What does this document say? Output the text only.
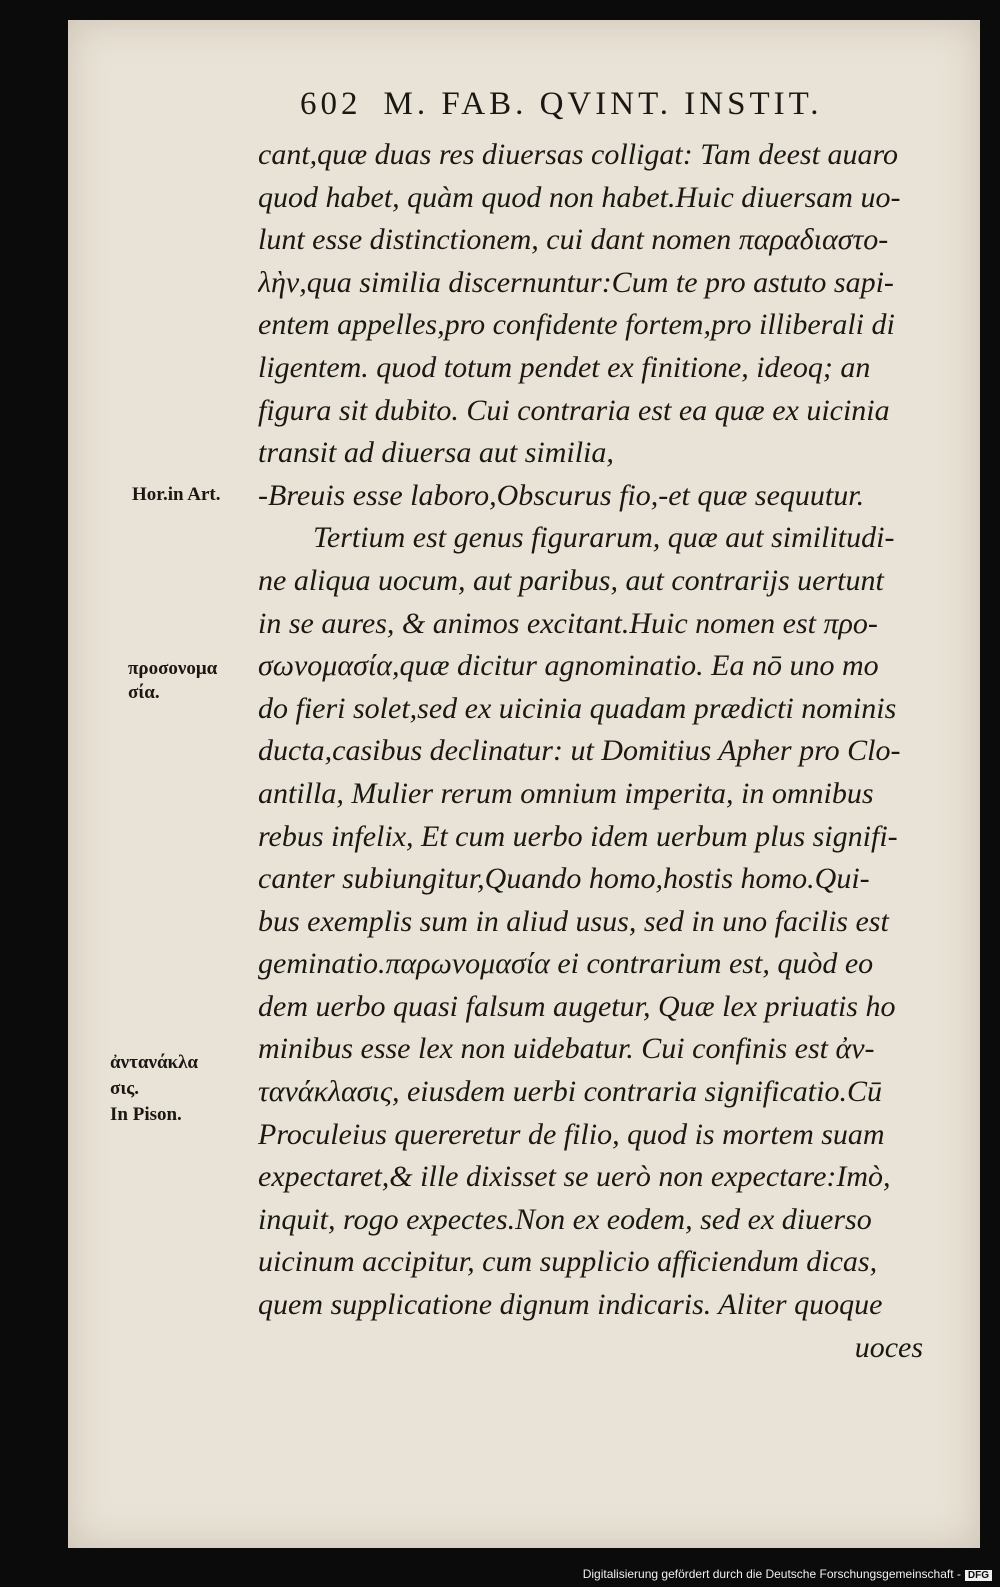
602 M. FAB. QVINT. INSTIT.
cant,quæ duas res diuersas colligat: Tam deest auaro
quod habet, quàm quod non habet.Huic diuersam uo-
lunt esse distinctionem, cui dant nomen παραδιαστο-
λὴν,qua similia discernuntur:Cum te pro astuto sapi-
entem appelles,pro confidente fortem,pro illiberali di
ligentem. quod totum pendet ex finitione, ideoq; an
figura sit dubito. Cui contraria est ea quæ ex uicinia
transit ad diuersa aut similia,
-Breuis esse laboro,Obscurus fio,-et quæ sequutur.
Tertium est genus figurarum, quæ aut similitudi-
ne aliqua uocum, aut paribus, aut contrarijs uertunt
in se aures, & animos excitant.Huic nomen est προ-
σωνομασία,quæ dicitur agnominatio. Ea nō uno mo
do fieri solet,sed ex uicinia quadam prædicti nominis
ducta,casibus declinatur: ut Domitius Apher pro Clo-
antilla, Mulier rerum omnium imperita, in omnibus
rebus infelix, Et cum uerbo idem uerbum plus signifi-
canter subiungitur,Quando homo,hostis homo.Qui-
bus exemplis sum in aliud usus, sed in uno facilis est
geminatio.παρωνομασία ei contrarium est, quòd eo
dem uerbo quasi falsum augetur, Quæ lex priuatis ho
minibus esse lex non uidebatur. Cui confinis est ἀν-
τανάκλασις, eiusdem uerbi contraria significatio.Cū
Proculeius quereretur de filio, quod is mortem suam
expectaret,& ille dixisset se uerò non expectare:Imò,
inquit, rogo expectes.Non ex eodem, sed ex diuerso
uicinum accipitur, cum supplicio afficiendum dicas,
quem supplicatione dignum indicaris. Aliter quoque
uoces
Hor.in Art.
προσονομα
σία.
ἀντανάκλα
σις.
In Pison.
Digitalisierung gefördert durch die Deutsche Forschungsgemeinschaft - DFG
